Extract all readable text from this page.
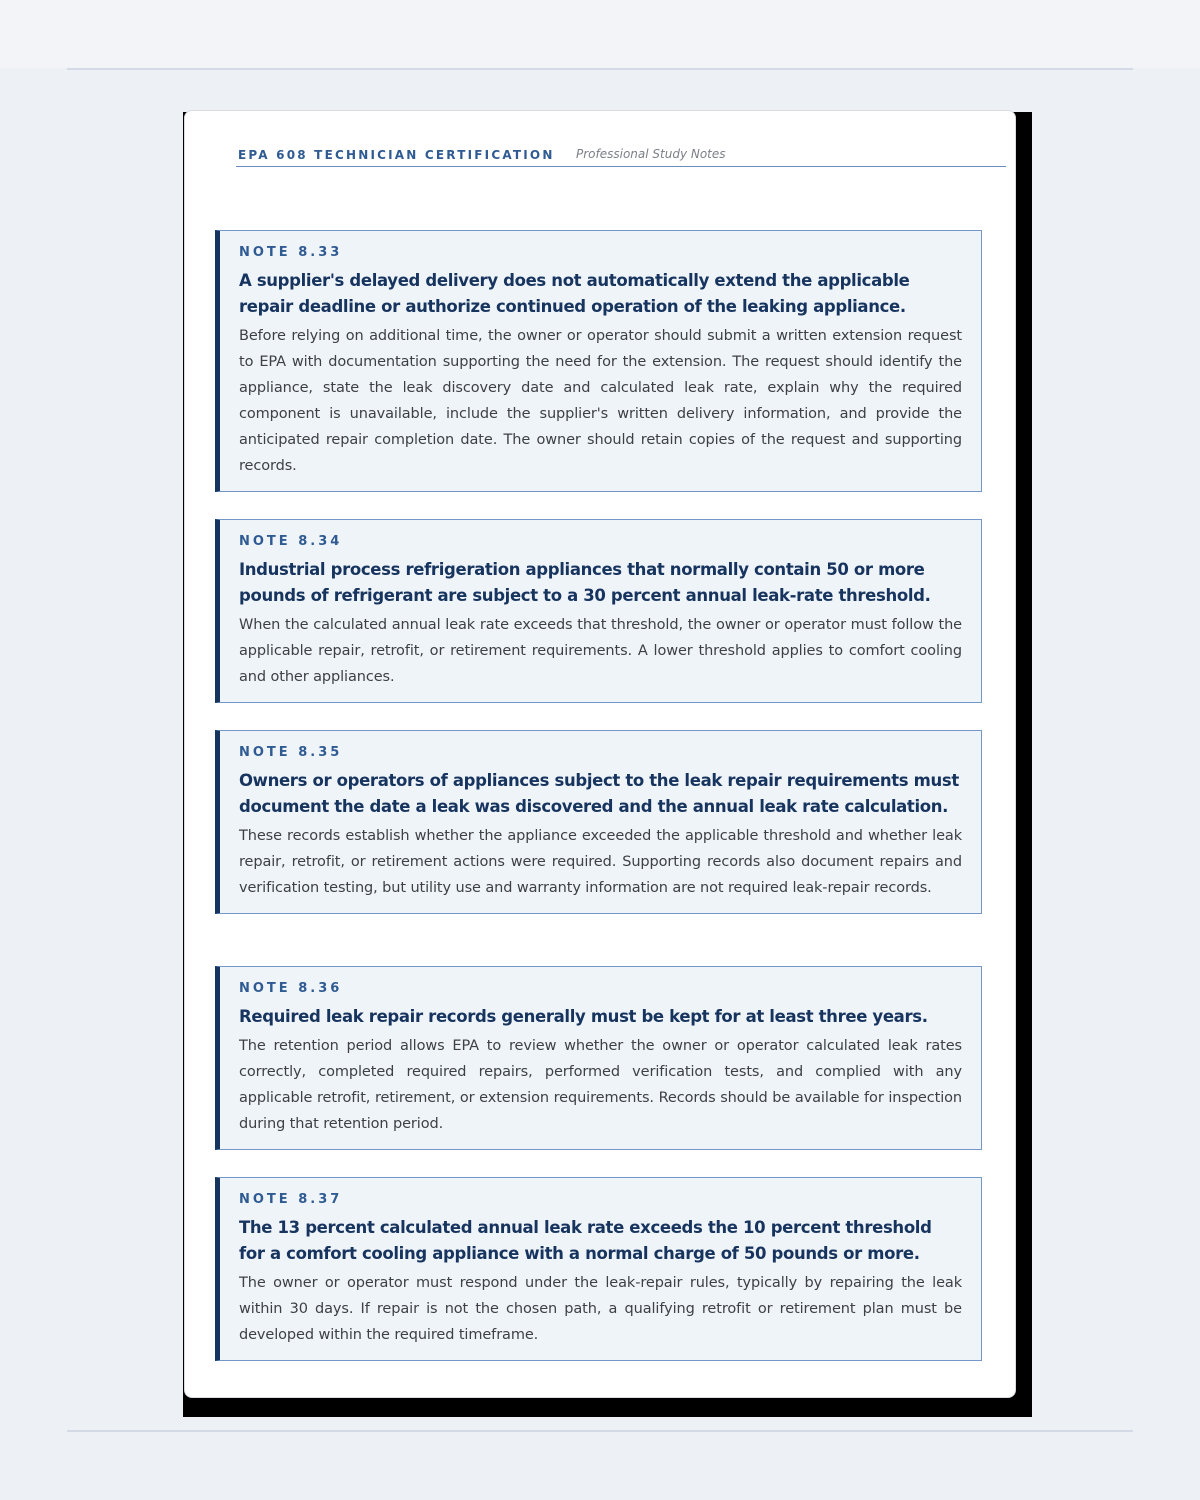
EPA 608 TECHNICIAN CERTIFICATION Professional Study Notes
NOTE 8.33
A supplier's delayed delivery does not automatically extend the applicable repair deadline or authorize continued operation of the leaking appliance.
Before relying on additional time, the owner or operator should submit a written extension request to EPA with documentation supporting the need for the extension. The request should identify the appliance, state the leak discovery date and calculated leak rate, explain why the required component is unavailable, include the supplier's written delivery information, and provide the anticipated repair completion date. The owner should retain copies of the request and supporting records.
NOTE 8.34
Industrial process refrigeration appliances that normally contain 50 or more pounds of refrigerant are subject to a 30 percent annual leak-rate threshold.
When the calculated annual leak rate exceeds that threshold, the owner or operator must follow the applicable repair, retrofit, or retirement requirements. A lower threshold applies to comfort cooling and other appliances.
NOTE 8.35
Owners or operators of appliances subject to the leak repair requirements must document the date a leak was discovered and the annual leak rate calculation.
These records establish whether the appliance exceeded the applicable threshold and whether leak repair, retrofit, or retirement actions were required. Supporting records also document repairs and verification testing, but utility use and warranty information are not required leak-repair records.
NOTE 8.36
Required leak repair records generally must be kept for at least three years.
The retention period allows EPA to review whether the owner or operator calculated leak rates correctly, completed required repairs, performed verification tests, and complied with any applicable retrofit, retirement, or extension requirements. Records should be available for inspection during that retention period.
NOTE 8.37
The 13 percent calculated annual leak rate exceeds the 10 percent threshold for a comfort cooling appliance with a normal charge of 50 pounds or more.
The owner or operator must respond under the leak-repair rules, typically by repairing the leak within 30 days. If repair is not the chosen path, a qualifying retrofit or retirement plan must be developed within the required timeframe.
